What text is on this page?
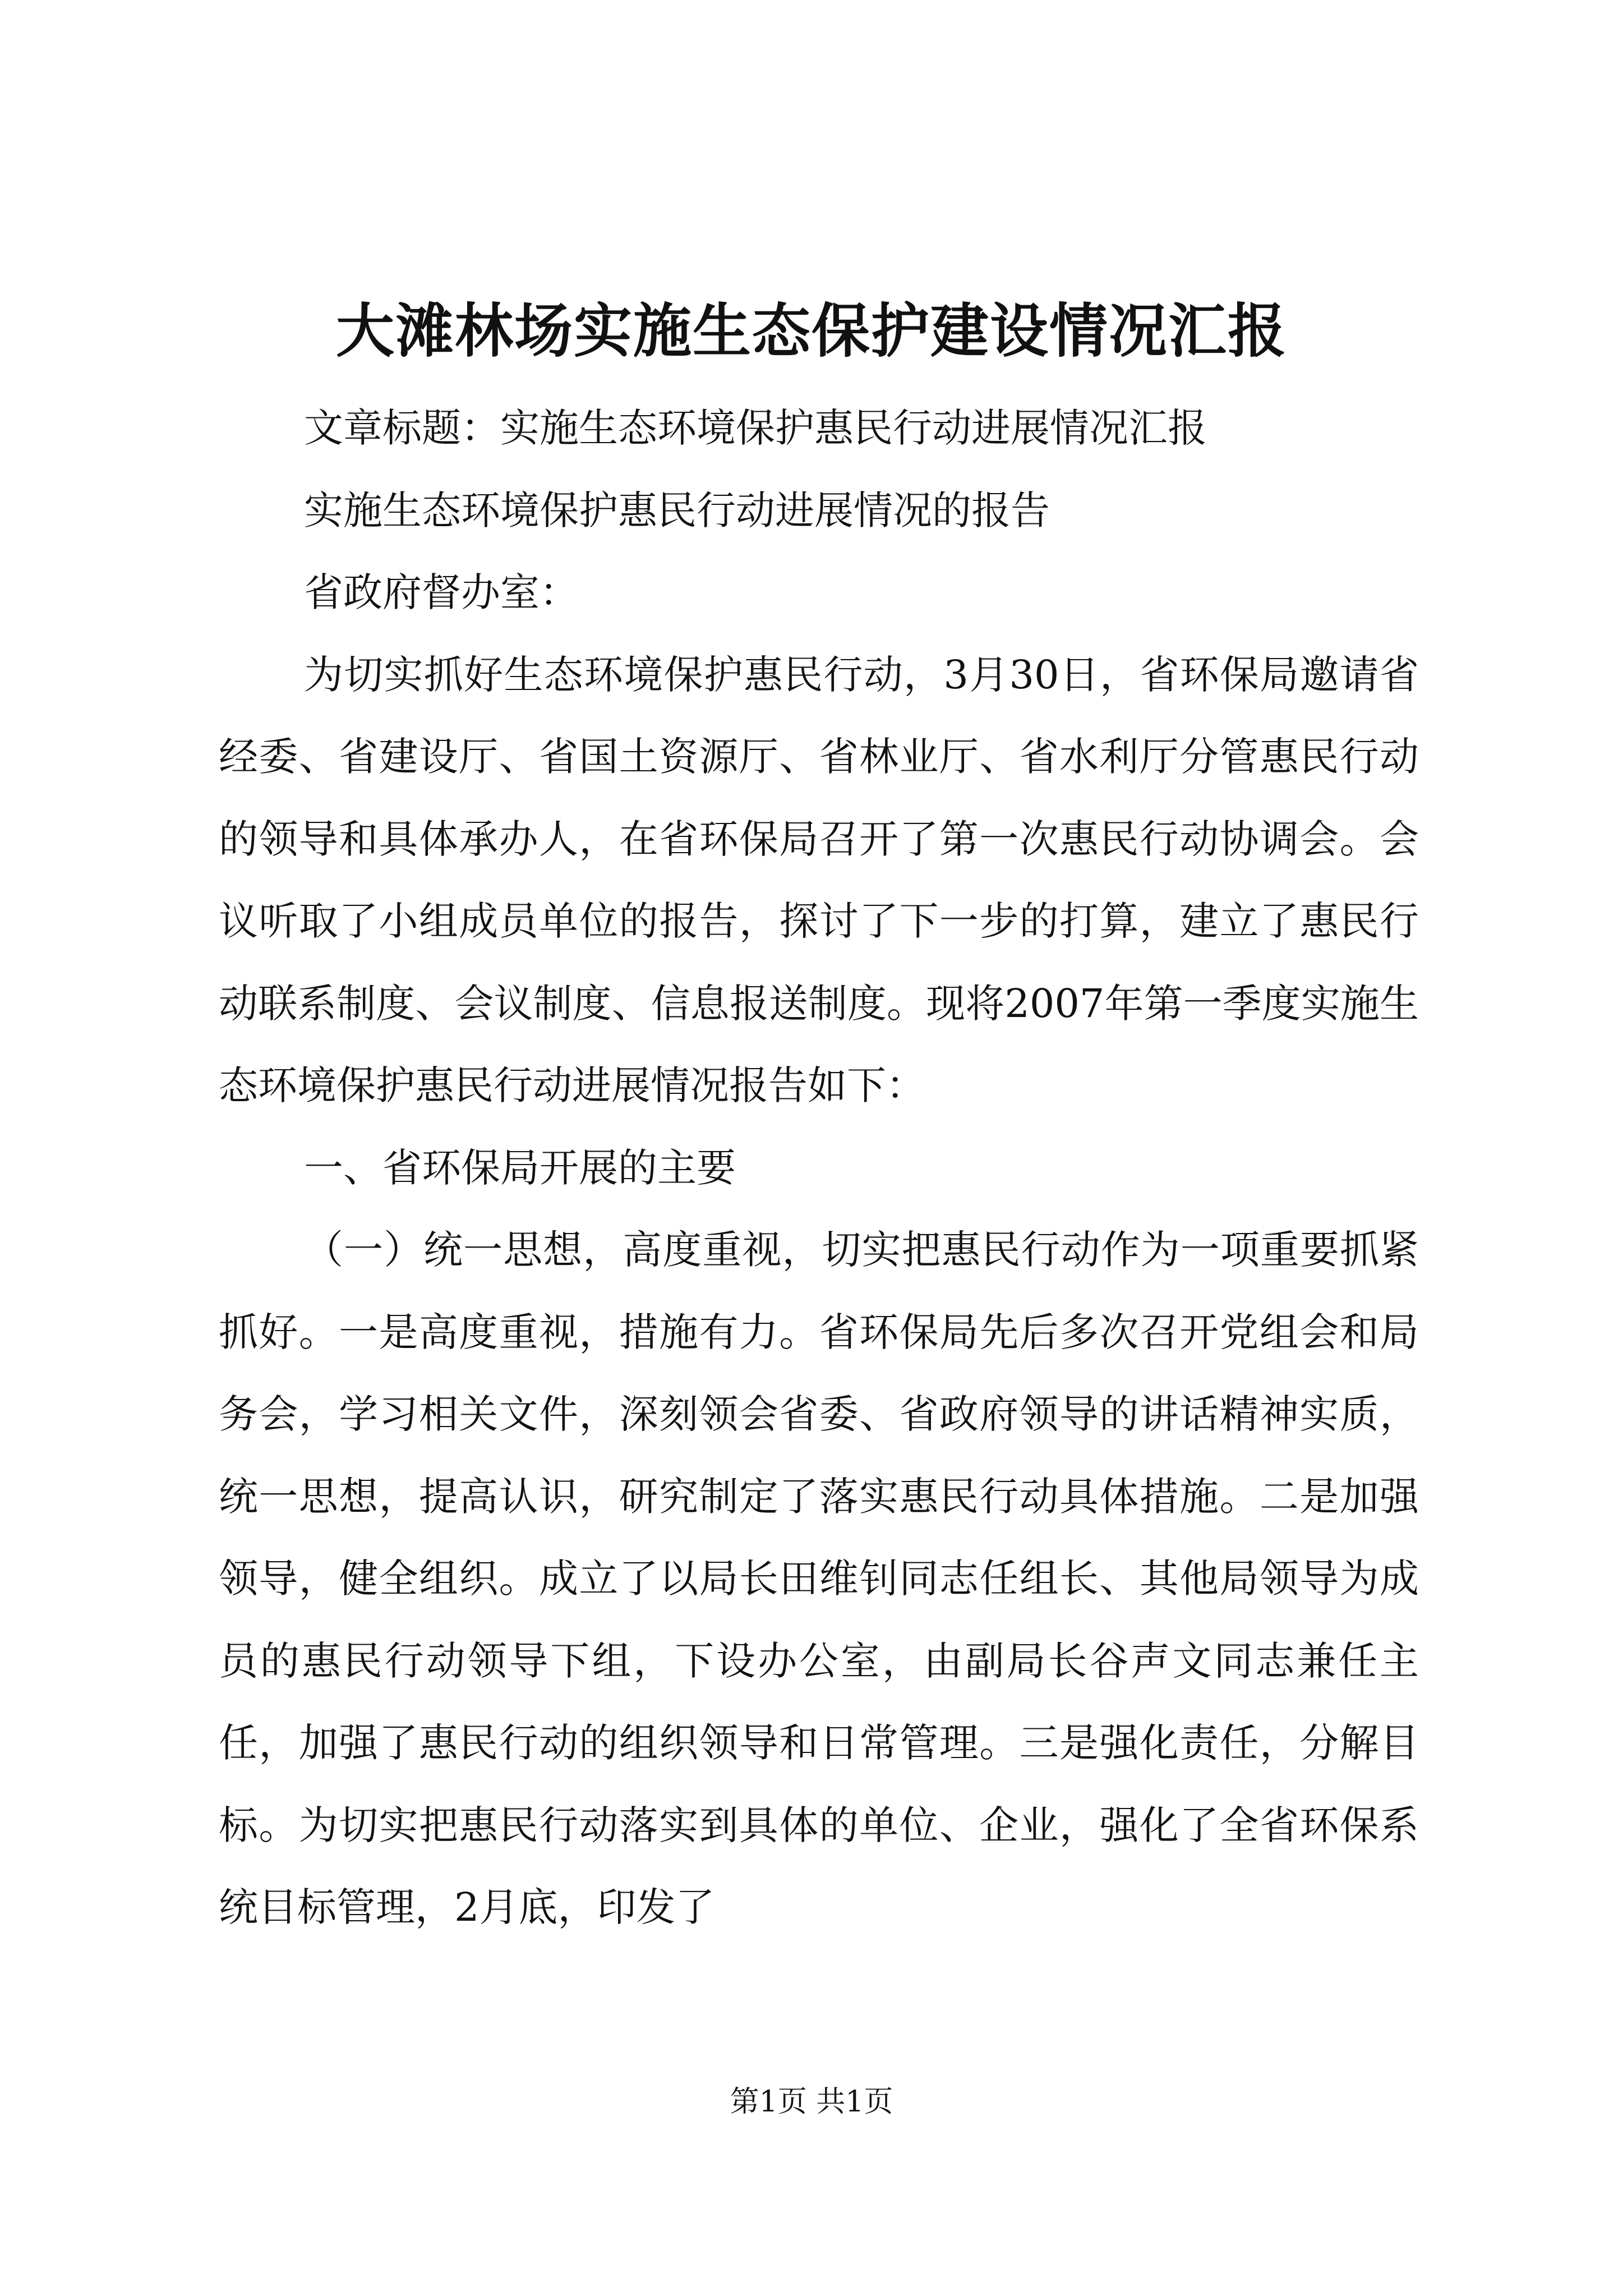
大滩林场实施生态保护建设情况汇报

文章标题：实施生态环境保护惠民行动进展情况汇报

实施生态环境保护惠民行动进展情况的报告

省政府督办室：

为切实抓好生态环境保护惠民行动，3月30日，省环保局邀请省经委、省建设厅、省国土资源厅、省林业厅、省水利厅分管惠民行动的领导和具体承办人，在省环保局召开了第一次惠民行动协调会。会议听取了小组成员单位的报告，探讨了下一步的打算，建立了惠民行动联系制度、会议制度、信息报送制度。现将2007年第一季度实施生态环境保护惠民行动进展情况报告如下：

一、省环保局开展的主要

（一）统一思想，高度重视，切实把惠民行动作为一项重要抓紧抓好。一是高度重视，措施有力。省环保局先后多次召开党组会和局务会，学习相关文件，深刻领会省委、省政府领导的讲话精神实质，统一思想，提高认识，研究制定了落实惠民行动具体措施。二是加强领导，健全组织。成立了以局长田维钊同志任组长、其他局领导为成员的惠民行动领导下组，下设办公室，由副局长谷声文同志兼任主任，加强了惠民行动的组织领导和日常管理。三是强化责任，分解目标。为切实把惠民行动落实到具体的单位、企业，强化了全省环保系统目标管理，2月底，印发了

第1页 共1页
